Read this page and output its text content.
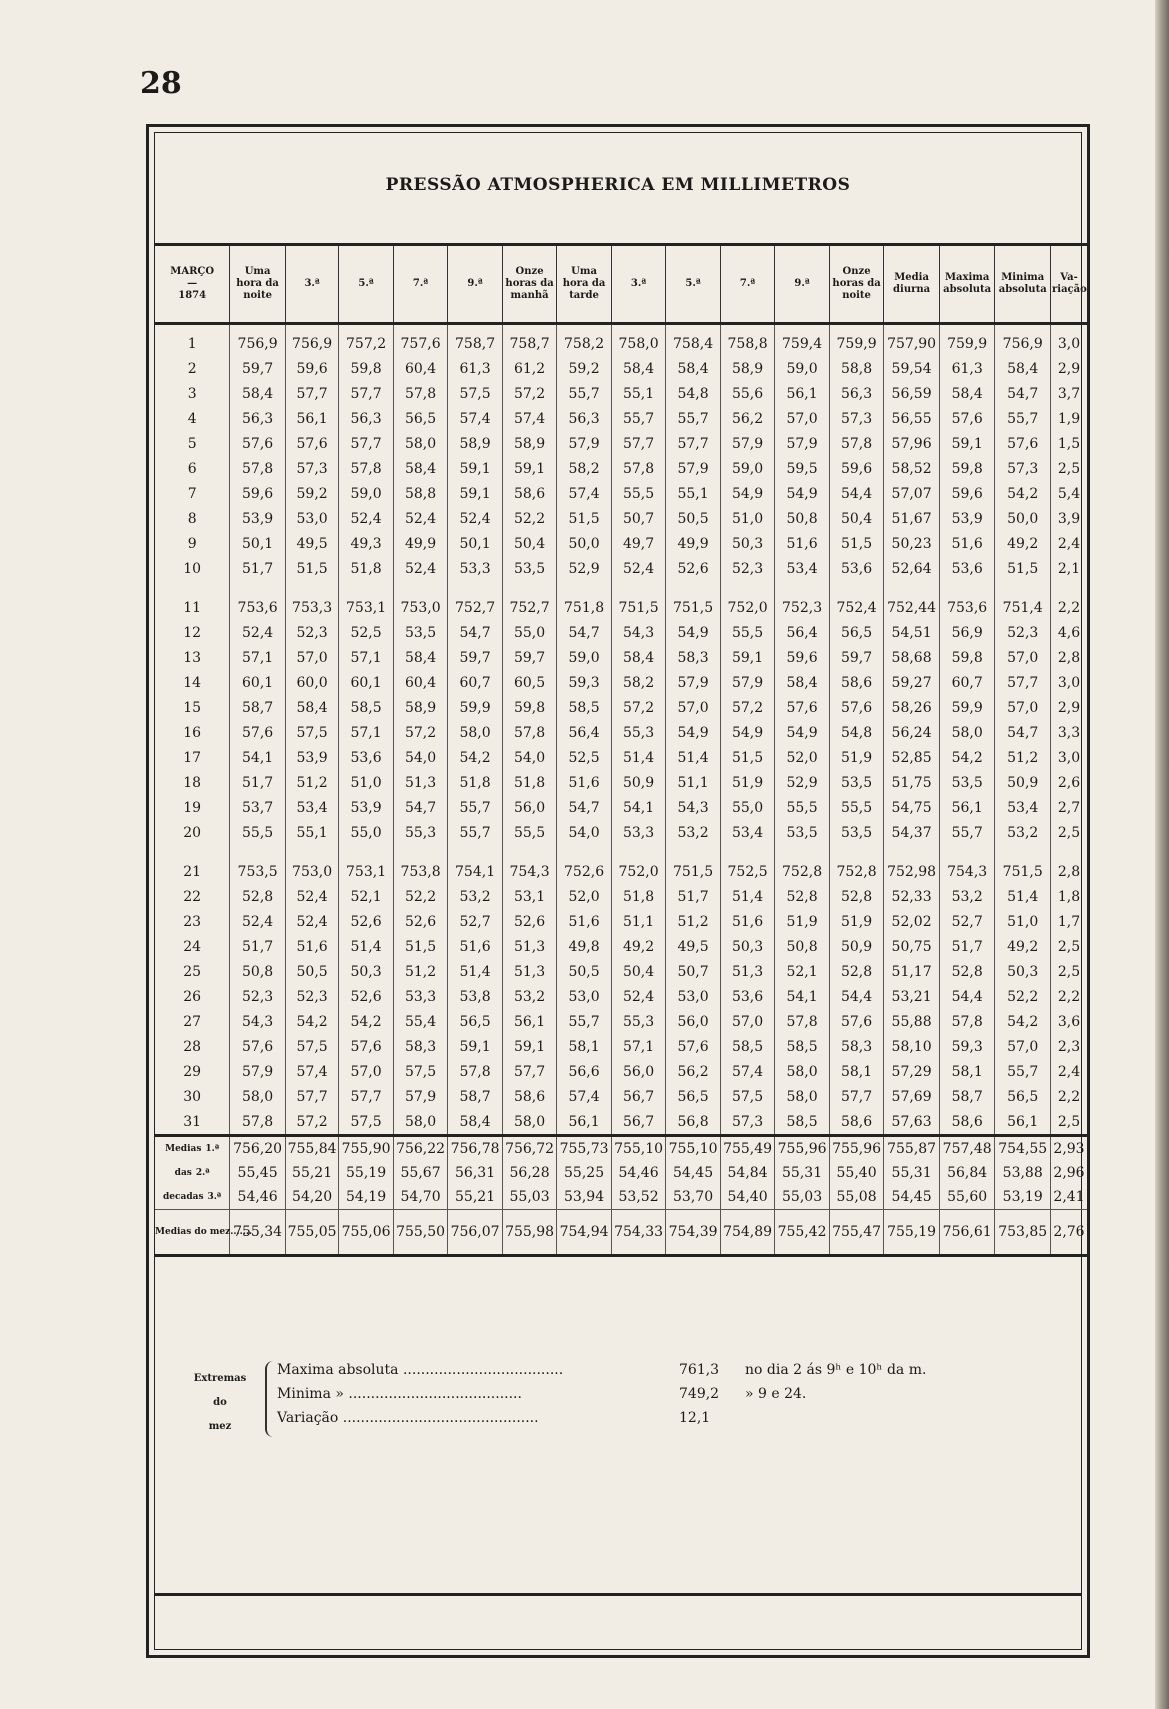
28
PRESSÃO ATMOSPHERICA EM MILLIMETROS
MARÇO
—
1874	Uma hora da noite	3.ª	5.ª	7.ª	9.ª	Onze horas da manhã	Uma hora da tarde	3.ª	5.ª	7.ª	9.ª	Onze horas da noite	Media diurna	Maxima absoluta	Minima absoluta	Va-riação
1	756,9	756,9	757,2	757,6	758,7	758,7	758,2	758,0	758,4	758,8	759,4	759,9	757,90	759,9	756,9	3,0
2	59,7	59,6	59,8	60,4	61,3	61,2	59,2	58,4	58,4	58,9	59,0	58,8	59,54	61,3	58,4	2,9
3	58,4	57,7	57,7	57,8	57,5	57,2	55,7	55,1	54,8	55,6	56,1	56,3	56,59	58,4	54,7	3,7
4	56,3	56,1	56,3	56,5	57,4	57,4	56,3	55,7	55,7	56,2	57,0	57,3	56,55	57,6	55,7	1,9
5	57,6	57,6	57,7	58,0	58,9	58,9	57,9	57,7	57,7	57,9	57,9	57,8	57,96	59,1	57,6	1,5
6	57,8	57,3	57,8	58,4	59,1	59,1	58,2	57,8	57,9	59,0	59,5	59,6	58,52	59,8	57,3	2,5
7	59,6	59,2	59,0	58,8	59,1	58,6	57,4	55,5	55,1	54,9	54,9	54,4	57,07	59,6	54,2	5,4
8	53,9	53,0	52,4	52,4	52,4	52,2	51,5	50,7	50,5	51,0	50,8	50,4	51,67	53,9	50,0	3,9
9	50,1	49,5	49,3	49,9	50,1	50,4	50,0	49,7	49,9	50,3	51,6	51,5	50,23	51,6	49,2	2,4
10	51,7	51,5	51,8	52,4	53,3	53,5	52,9	52,4	52,6	52,3	53,4	53,6	52,64	53,6	51,5	2,1

11	753,6	753,3	753,1	753,0	752,7	752,7	751,8	751,5	751,5	752,0	752,3	752,4	752,44	753,6	751,4	2,2
12	52,4	52,3	52,5	53,5	54,7	55,0	54,7	54,3	54,9	55,5	56,4	56,5	54,51	56,9	52,3	4,6
13	57,1	57,0	57,1	58,4	59,7	59,7	59,0	58,4	58,3	59,1	59,6	59,7	58,68	59,8	57,0	2,8
14	60,1	60,0	60,1	60,4	60,7	60,5	59,3	58,2	57,9	57,9	58,4	58,6	59,27	60,7	57,7	3,0
15	58,7	58,4	58,5	58,9	59,9	59,8	58,5	57,2	57,0	57,2	57,6	57,6	58,26	59,9	57,0	2,9
16	57,6	57,5	57,1	57,2	58,0	57,8	56,4	55,3	54,9	54,9	54,9	54,8	56,24	58,0	54,7	3,3
17	54,1	53,9	53,6	54,0	54,2	54,0	52,5	51,4	51,4	51,5	52,0	51,9	52,85	54,2	51,2	3,0
18	51,7	51,2	51,0	51,3	51,8	51,8	51,6	50,9	51,1	51,9	52,9	53,5	51,75	53,5	50,9	2,6
19	53,7	53,4	53,9	54,7	55,7	56,0	54,7	54,1	54,3	55,0	55,5	55,5	54,75	56,1	53,4	2,7
20	55,5	55,1	55,0	55,3	55,7	55,5	54,0	53,3	53,2	53,4	53,5	53,5	54,37	55,7	53,2	2,5

21	753,5	753,0	753,1	753,8	754,1	754,3	752,6	752,0	751,5	752,5	752,8	752,8	752,98	754,3	751,5	2,8
22	52,8	52,4	52,1	52,2	53,2	53,1	52,0	51,8	51,7	51,4	52,8	52,8	52,33	53,2	51,4	1,8
23	52,4	52,4	52,6	52,6	52,7	52,6	51,6	51,1	51,2	51,6	51,9	51,9	52,02	52,7	51,0	1,7
24	51,7	51,6	51,4	51,5	51,6	51,3	49,8	49,2	49,5	50,3	50,8	50,9	50,75	51,7	49,2	2,5
25	50,8	50,5	50,3	51,2	51,4	51,3	50,5	50,4	50,7	51,3	52,1	52,8	51,17	52,8	50,3	2,5
26	52,3	52,3	52,6	53,3	53,8	53,2	53,0	52,4	53,0	53,6	54,1	54,4	53,21	54,4	52,2	2,2
27	54,3	54,2	54,2	55,4	56,5	56,1	55,7	55,3	56,0	57,0	57,8	57,6	55,88	57,8	54,2	3,6
28	57,6	57,5	57,6	58,3	59,1	59,1	58,1	57,1	57,6	58,5	58,5	58,3	58,10	59,3	57,0	2,3
29	57,9	57,4	57,0	57,5	57,8	57,7	56,6	56,0	56,2	57,4	58,0	58,1	57,29	58,1	55,7	2,4
30	58,0	57,7	57,7	57,9	58,7	58,6	57,4	56,7	56,5	57,5	58,0	57,7	57,69	58,7	56,5	2,2
31	57,8	57,2	57,5	58,0	58,4	58,0	56,1	56,7	56,8	57,3	58,5	58,6	57,63	58,6	56,1	2,5
Medias 1.ª	756,20	755,84	755,90	756,22	756,78	756,72	755,73	755,10	755,10	755,49	755,96	755,96	755,87	757,48	754,55	2,93
das 2.ª	55,45	55,21	55,19	55,67	56,31	56,28	55,25	54,46	54,45	54,84	55,31	55,40	55,31	56,84	53,88	2,96
decadas 3.ª	54,46	54,20	54,19	54,70	55,21	55,03	53,94	53,52	53,70	54,40	55,03	55,08	54,45	55,60	53,19	2,41
Medias do mez.......	755,34	755,05	755,06	755,50	756,07	755,98	754,94	754,33	754,39	754,89	755,42	755,47	755,19	756,61	753,85	2,76
Extremas
do
mez
Maxima absoluta ....................................	761,3	no dia 2 ás 9ʰ e 10ʰ da m.
Minima » .......................................	749,2	» 9 e 24.
Variação ............................................	12,1
